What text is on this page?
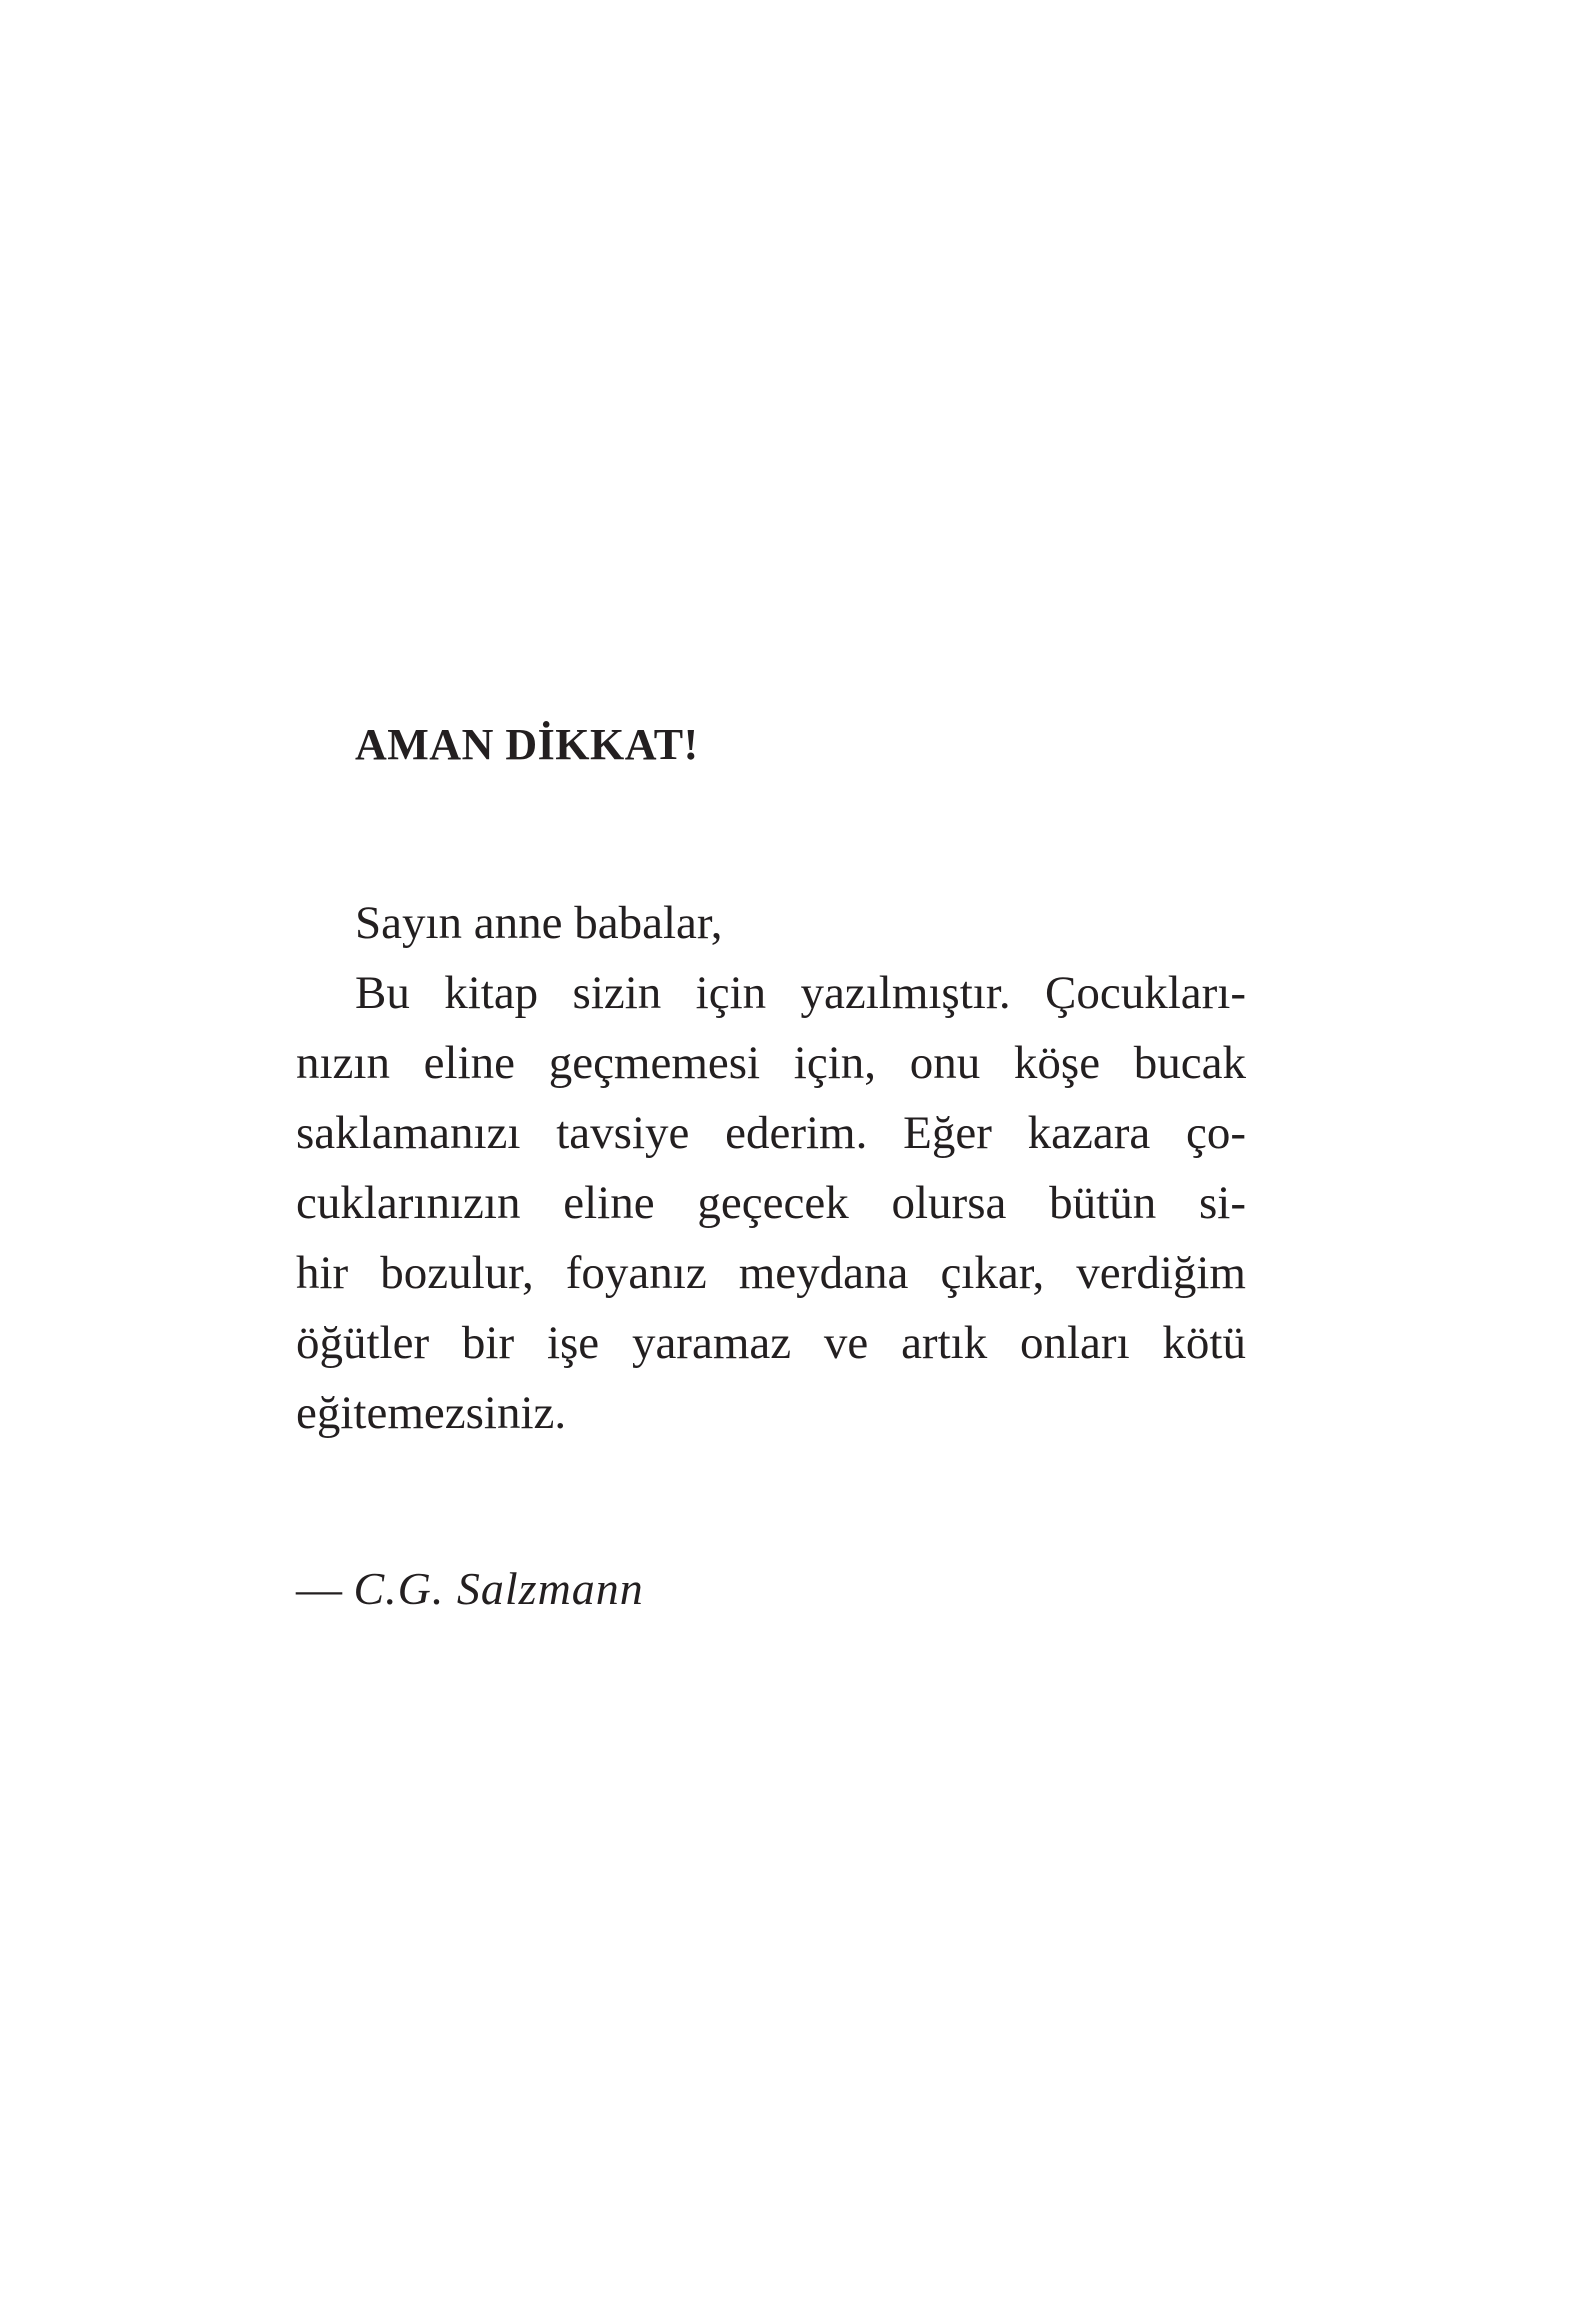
AMAN DİKKAT!
Sayın anne babalar,
Bu kitap sizin için yazılmıştır. Çocukları-
nızın eline geçmemesi için, onu köşe bucak
saklamanızı tavsiye ederim. Eğer kazara ço-
cuklarınızın eline geçecek olursa bütün si-
hir bozulur, foyanız meydana çıkar, verdiğim
öğütler bir işe yaramaz ve artık onları kötü
eğitemezsiniz.
— C.G. Salzmann
